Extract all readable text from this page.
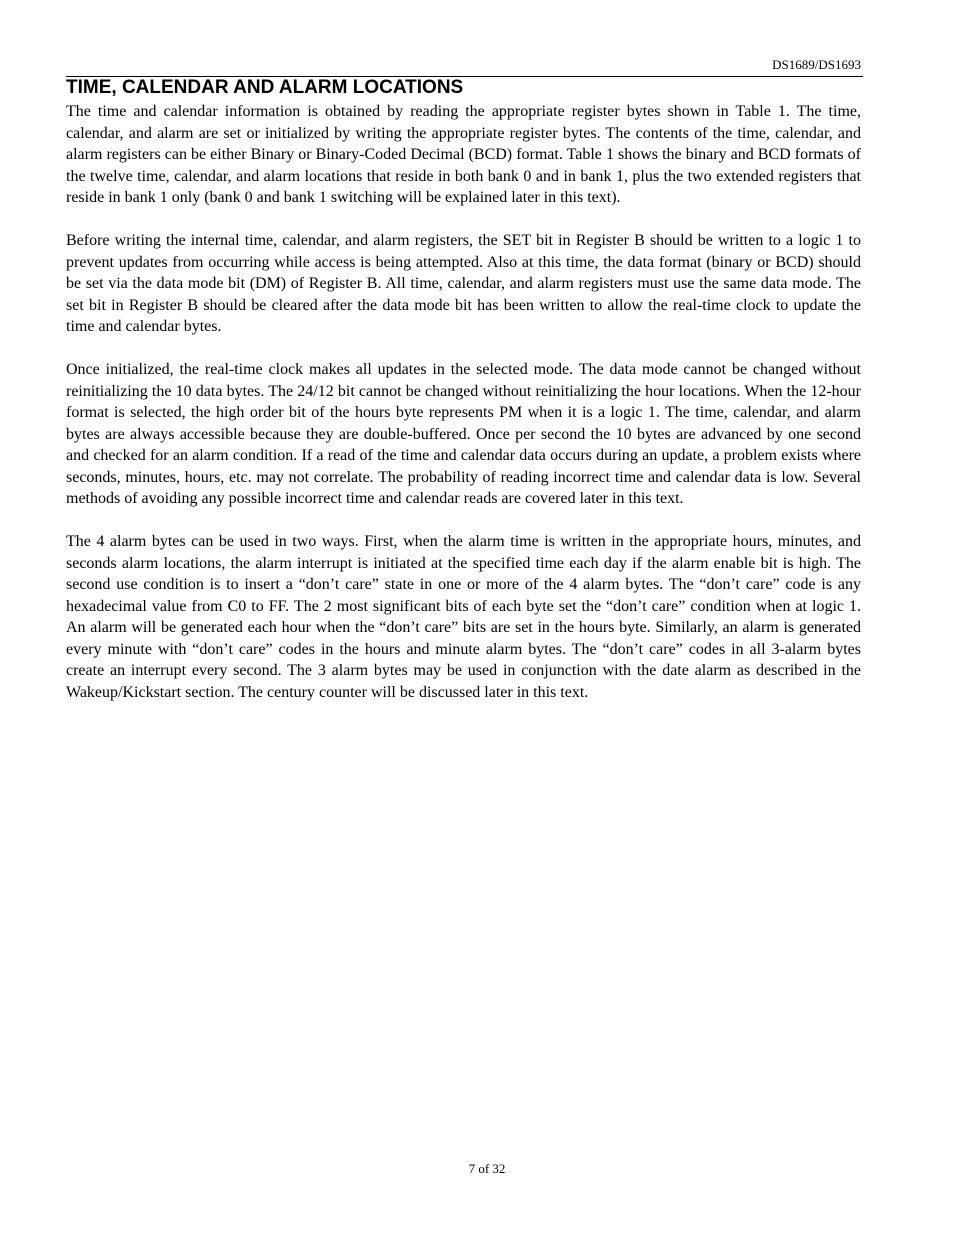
DS1689/DS1693
TIME, CALENDAR AND ALARM LOCATIONS

The time and calendar information is obtained by reading the appropriate register bytes shown in Table 1. The time, calendar, and alarm are set or initialized by writing the appropriate register bytes. The contents of the time, calendar, and alarm registers can be either Binary or Binary-Coded Decimal (BCD) format. Table 1 shows the binary and BCD formats of the twelve time, calendar, and alarm locations that reside in both bank 0 and in bank 1, plus the two extended registers that reside in bank 1 only (bank 0 and bank 1 switching will be explained later in this text).

Before writing the internal time, calendar, and alarm registers, the SET bit in Register B should be written to a logic 1 to prevent updates from occurring while access is being attempted. Also at this time, the data format (binary or BCD) should be set via the data mode bit (DM) of Register B. All time, calendar, and alarm registers must use the same data mode. The set bit in Register B should be cleared after the data mode bit has been written to allow the real-time clock to update the time and calendar bytes.

Once initialized, the real-time clock makes all updates in the selected mode. The data mode cannot be changed without reinitializing the 10 data bytes. The 24/12 bit cannot be changed without reinitializing the hour locations. When the 12-hour format is selected, the high order bit of the hours byte represents PM when it is a logic 1. The time, calendar, and alarm bytes are always accessible because they are double-buffered. Once per second the 10 bytes are advanced by one second and checked for an alarm condition. If a read of the time and calendar data occurs during an update, a problem exists where seconds, minutes, hours, etc. may not correlate. The probability of reading incorrect time and calendar data is low. Several methods of avoiding any possible incorrect time and calendar reads are covered later in this text.

The 4 alarm bytes can be used in two ways. First, when the alarm time is written in the appropriate hours, minutes, and seconds alarm locations, the alarm interrupt is initiated at the specified time each day if the alarm enable bit is high. The second use condition is to insert a “don’t care” state in one or more of the 4 alarm bytes. The “don’t care” code is any hexadecimal value from C0 to FF. The 2 most significant bits of each byte set the “don’t care” condition when at logic 1. An alarm will be generated each hour when the “don’t care” bits are set in the hours byte. Similarly, an alarm is generated every minute with “don’t care” codes in the hours and minute alarm bytes. The “don’t care” codes in all 3-alarm bytes create an interrupt every second. The 3 alarm bytes may be used in conjunction with the date alarm as described in the Wakeup/Kickstart section. The century counter will be discussed later in this text.

7 of 32
